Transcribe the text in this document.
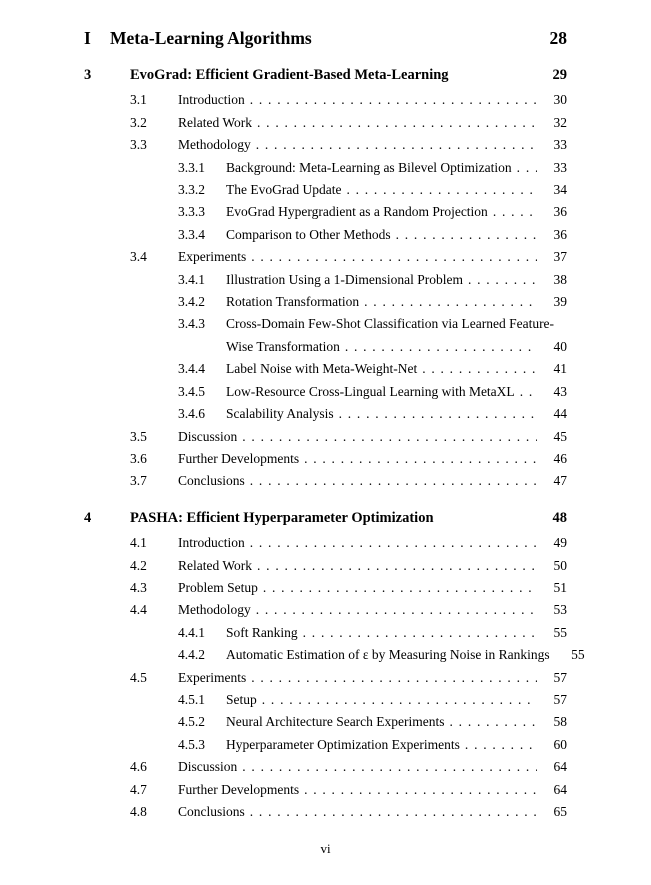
I	Meta-Learning Algorithms	28
3	EvoGrad: Efficient Gradient-Based Meta-Learning	29
3.1	Introduction . . .	30
3.2	Related Work . . .	32
3.3	Methodology . . .	33
3.3.1	Background: Meta-Learning as Bilevel Optimization . . .	33
3.3.2	The EvoGrad Update . . .	34
3.3.3	EvoGrad Hypergradient as a Random Projection . . .	36
3.3.4	Comparison to Other Methods . . .	36
3.4	Experiments . . .	37
3.4.1	Illustration Using a 1-Dimensional Problem . . .	38
3.4.2	Rotation Transformation . . .	39
3.4.3	Cross-Domain Few-Shot Classification via Learned Feature-
Wise Transformation . . .	40
3.4.4	Label Noise with Meta-Weight-Net . . .	41
3.4.5	Low-Resource Cross-Lingual Learning with MetaXL . . .	43
3.4.6	Scalability Analysis . . .	44
3.5	Discussion . . .	45
3.6	Further Developments . . .	46
3.7	Conclusions . . .	47
4	PASHA: Efficient Hyperparameter Optimization	48
4.1	Introduction . . .	49
4.2	Related Work . . .	50
4.3	Problem Setup . . .	51
4.4	Methodology . . .	53
4.4.1	Soft Ranking . . .	55
4.4.2	Automatic Estimation of ε by Measuring Noise in Rankings	55
4.5	Experiments . . .	57
4.5.1	Setup . . .	57
4.5.2	Neural Architecture Search Experiments . . .	58
4.5.3	Hyperparameter Optimization Experiments . . .	60
4.6	Discussion . . .	64
4.7	Further Developments . . .	64
4.8	Conclusions . . .	65
vi
